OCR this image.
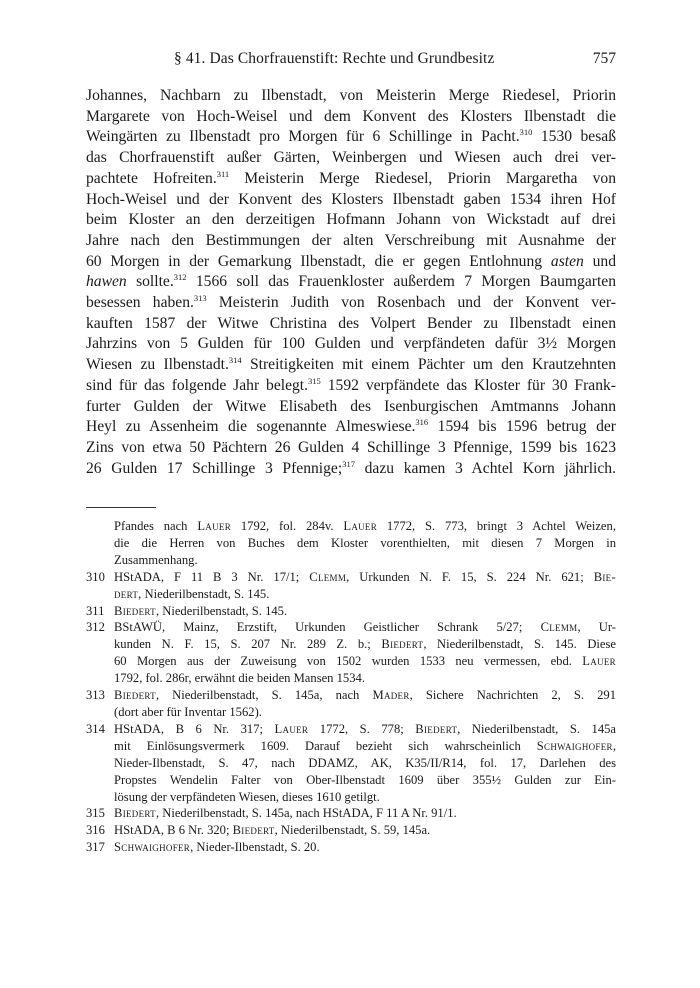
§ 41. Das Chorfrauenstift: Rechte und Grundbesitz	757
Johannes, Nachbarn zu Ilbenstadt, von Meisterin Merge Riedesel, Priorin
Margarete von Hoch-Weisel und dem Konvent des Klosters Ilbenstadt die
Weingärten zu Ilbenstadt pro Morgen für 6 Schillinge in Pacht.$^{310}$ 1530 besaß
das Chorfrauenstift außer Gärten, Weinbergen und Wiesen auch drei ver-
pachtete Hofreiten.$^{311}$ Meisterin Merge Riedesel, Priorin Margaretha von
Hoch-Weisel und der Konvent des Klosters Ilbenstadt gaben 1534 ihren Hof
beim Kloster an den derzeitigen Hofmann Johann von Wickstadt auf drei
Jahre nach den Bestimmungen der alten Verschreibung mit Ausnahme der
60 Morgen in der Gemarkung Ilbenstadt, die er gegen Entlohnung asten und
hawen sollte.$^{312}$ 1566 soll das Frauenkloster außerdem 7 Morgen Baumgarten
besessen haben.$^{313}$ Meisterin Judith von Rosenbach und der Konvent ver-
kauften 1587 der Witwe Christina des Volpert Bender zu Ilbenstadt einen
Jahrzins von 5 Gulden für 100 Gulden und verpfändeten dafür 3½ Morgen
Wiesen zu Ilbenstadt.$^{314}$ Streitigkeiten mit einem Pächter um den Krautzehnten
sind für das folgende Jahr belegt.$^{315}$ 1592 verpfändete das Kloster für 30 Frank-
furter Gulden der Witwe Elisabeth des Isenburgischen Amtmanns Johann
Heyl zu Assenheim die sogenannte Almeswiese.$^{316}$ 1594 bis 1596 betrug der
Zins von etwa 50 Pächtern 26 Gulden 4 Schillinge 3 Pfennige, 1599 bis 1623
26 Gulden 17 Schillinge 3 Pfennige;$^{317}$ dazu kamen 3 Achtel Korn jährlich.
Pfandes nach Lauer 1792, fol. 284v. Lauer 1772, S. 773, bringt 3 Achtel Weizen,
die die Herren von Buches dem Kloster vorenthielten, mit diesen 7 Morgen in
Zusammenhang.
310 HStADA, F 11 B 3 Nr. 17/1; Clemm, Urkunden N. F. 15, S. 224 Nr. 621; Bie-
dert, Niederilbenstadt, S. 145.
311 Biedert, Niederilbenstadt, S. 145.
312 BStAWÜ, Mainz, Erzstift, Urkunden Geistlicher Schrank 5/27; Clemm, Ur-
kunden N. F. 15, S. 207 Nr. 289 Z. b.; Biedert, Niederilbenstadt, S. 145. Diese
60 Morgen aus der Zuweisung von 1502 wurden 1533 neu vermessen, ebd. Lauer
1792, fol. 286r, erwähnt die beiden Mansen 1534.
313 Biedert, Niederilbenstadt, S. 145a, nach Mader, Sichere Nachrichten 2, S. 291
(dort aber für Inventar 1562).
314 HStADA, B 6 Nr. 317; Lauer 1772, S. 778; Biedert, Niederilbenstadt, S. 145a
mit Einlösungsvermerk 1609. Darauf bezieht sich wahrscheinlich Schwaighofer,
Nieder-Ilbenstadt, S. 47, nach DDAMZ, AK, K35/II/R14, fol. 17, Darlehen des
Propstes Wendelin Falter von Ober-Ilbenstadt 1609 über 355½ Gulden zur Ein-
lösung der verpfändeten Wiesen, dieses 1610 getilgt.
315 Biedert, Niederilbenstadt, S. 145a, nach HStADA, F 11 A Nr. 91/1.
316 HStADA, B 6 Nr. 320; Biedert, Niederilbenstadt, S. 59, 145a.
317 Schwaighofer, Nieder-Ilbenstadt, S. 20.
